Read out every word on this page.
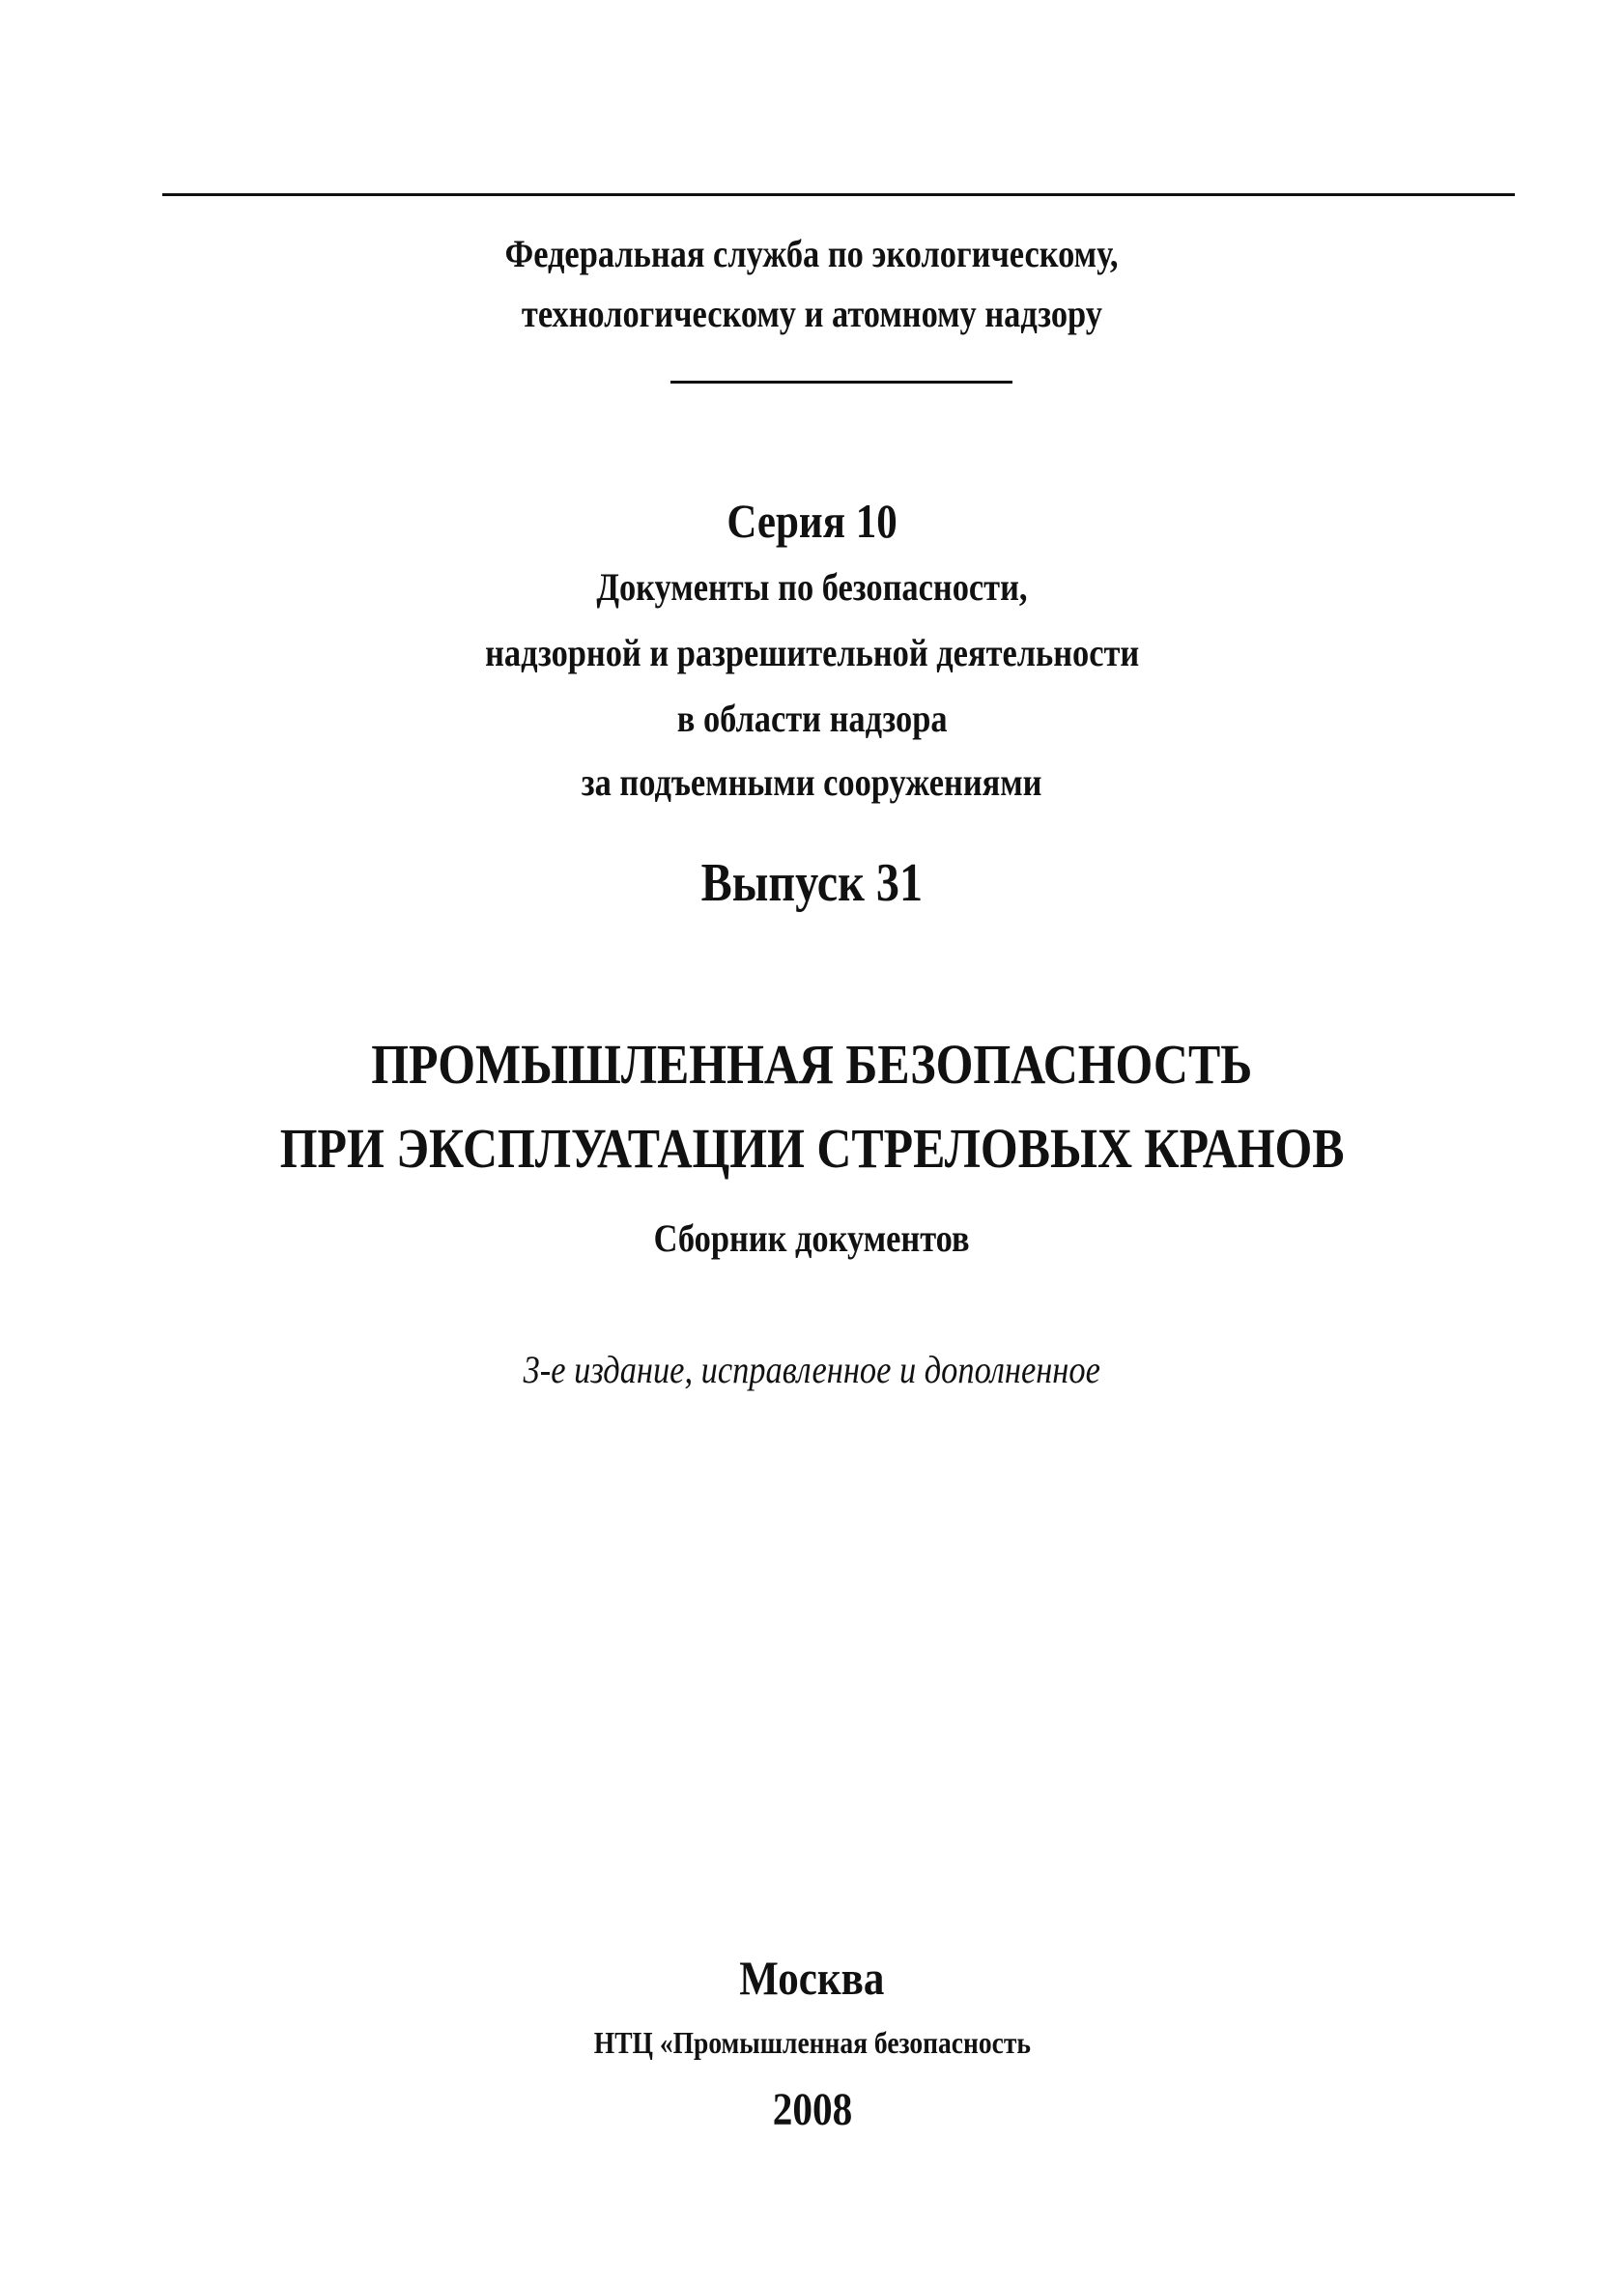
Федеральная служба по экологическому,
технологическому и атомному надзору
Серия 10
Документы по безопасности,
надзорной и разрешительной деятельности
в области надзора
за подъемными сооружениями
Выпуск 31
ПРОМЫШЛЕННАЯ БЕЗОПАСНОСТЬ
ПРИ ЭКСПЛУАТАЦИИ СТРЕЛОВЫХ КРАНОВ
Сборник документов
3-е издание, исправленное и дополненное
Москва
НТЦ «Промышленная безопасность
2008
